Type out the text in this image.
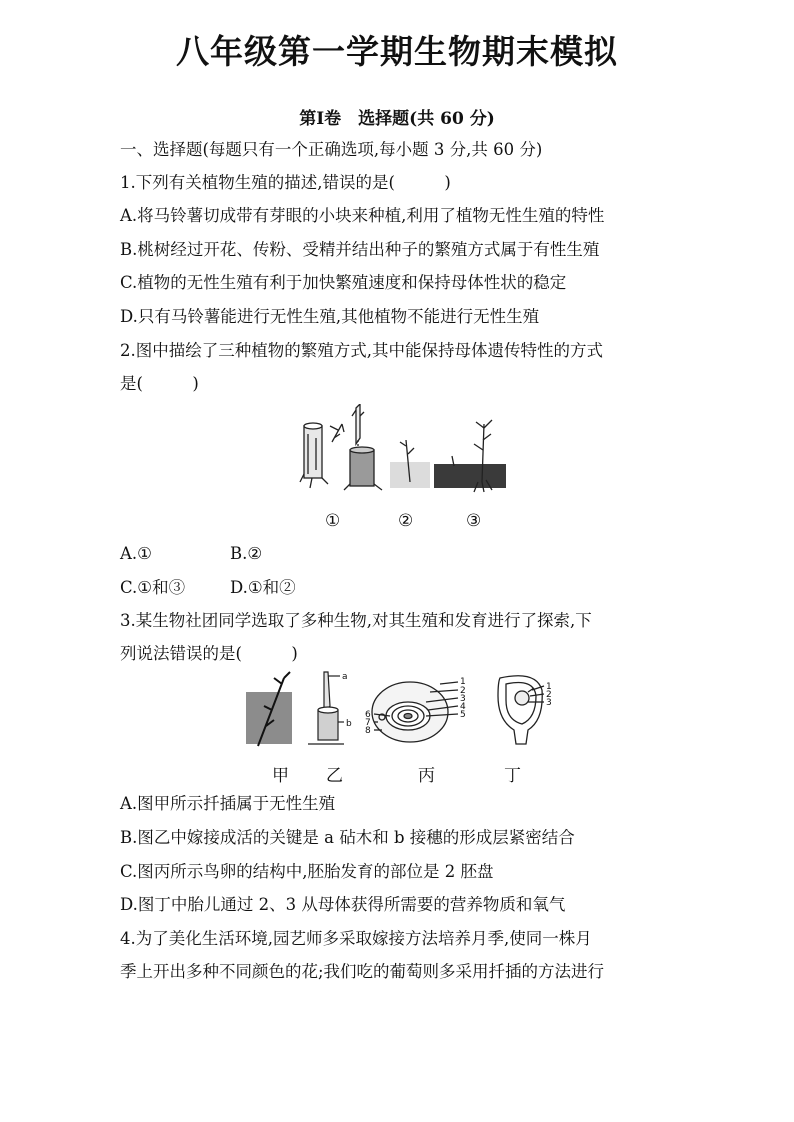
八年级第一学期生物期末模拟
第Ⅰ卷　选择题(共 60 分)
一、选择题(每题只有一个正确选项,每小题 3 分,共 60 分)
1.下列有关植物生殖的描述,错误的是(　　　)
A.将马铃薯切成带有芽眼的小块来种植,利用了植物无性生殖的特性
B.桃树经过开花、传粉、受精并结出种子的繁殖方式属于有性生殖
C.植物的无性生殖有利于加快繁殖速度和保持母体性状的稳定
D.只有马铃薯能进行无性生殖,其他植物不能进行无性生殖
2.图中描绘了三种植物的繁殖方式,其中能保持母体遗传特性的方式
是(　　　)
①	②	③
A.①	B.②
C.①和③	D.①和②
3.某生物社团同学选取了多种生物,对其生殖和发育进行了探索,下
列说法错误的是(　　　)
a
b
1
2
3
4
5
6
7
8
1
2
3
甲 乙	丙	丁
A.图甲所示扦插属于无性生殖
B.图乙中嫁接成活的关键是 a 砧木和 b 接穗的形成层紧密结合
C.图丙所示鸟卵的结构中,胚胎发育的部位是 2 胚盘
D.图丁中胎儿通过 2、3 从母体获得所需要的营养物质和氧气
4.为了美化生活环境,园艺师多采取嫁接方法培养月季,使同一株月
季上开出多种不同颜色的花;我们吃的葡萄则多采用扦插的方法进行
